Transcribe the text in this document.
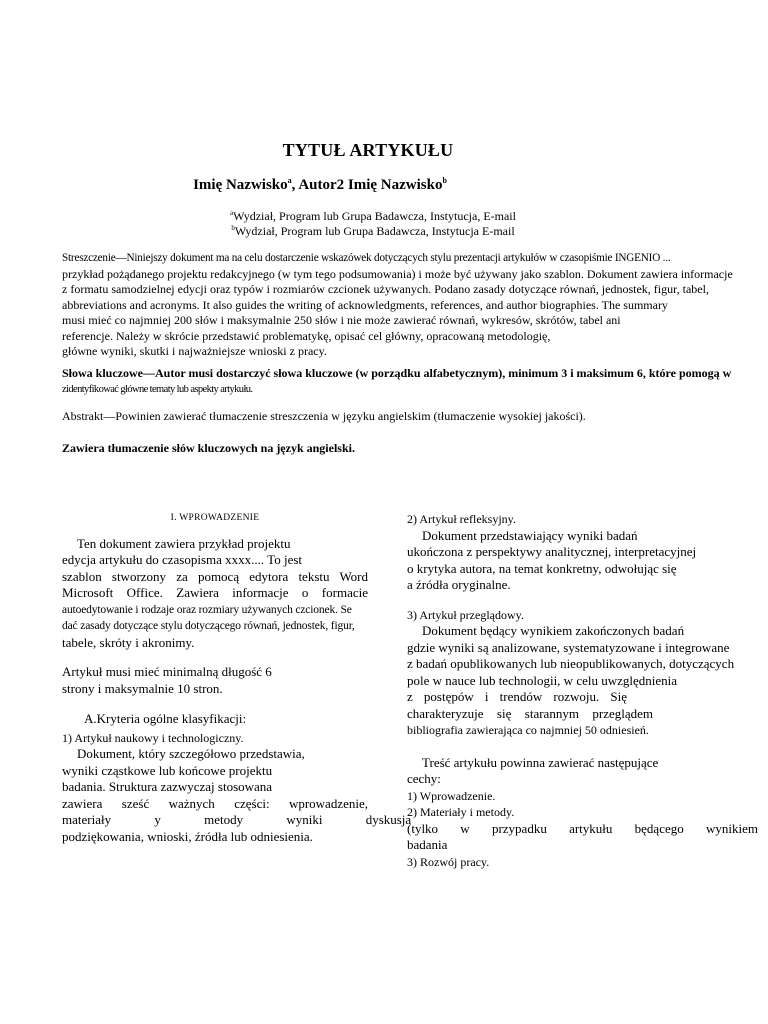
TYTUŁ ARTYKUŁU
Imię Nazwisko$^a$, Autor2 Imię Nazwisko$^b$
$^a$Wydział, Program lub Grupa Badawcza, Instytucja, E-mail
$^b$Wydział, Program lub Grupa Badawcza, Instytucja E-mail
Streszczenie—Niniejszy dokument ma na celu dostarczenie wskazówek dotyczących stylu prezentacji artykułów w czasopiśmie INGENIO ...
przykład pożądanego projektu redakcyjnego (w tym tego podsumowania) i może być używany jako szablon. Dokument zawiera informacje
z formatu samodzielnej edycji oraz typów i rozmiarów czcionek używanych. Podano zasady dotyczące równań, jednostek, figur, tabel,
abbreviations and acronyms. It also guides the writing of acknowledgments, references, and author biographies. The summary
musi mieć co najmniej 200 słów i maksymalnie 250 słów i nie może zawierać równań, wykresów, skrótów, tabel ani
referencje. Należy w skrócie przedstawić problematykę, opisać cel główny, opracowaną metodologię,
główne wyniki, skutki i najważniejsze wnioski z pracy.
Słowa kluczowe—Autor musi dostarczyć słowa kluczowe (w porządku alfabetycznym), minimum 3 i maksimum 6, które pomogą w
zidentyfikować główne tematy lub aspekty artykułu.
Abstrakt—Powinien zawierać tłumaczenie streszczenia w języku angielskim (tłumaczenie wysokiej jakości).
Zawiera tłumaczenie słów kluczowych na język angielski.
I. WPROWADZENIE
Ten dokument zawiera przykład projektu
edycja artykułu do czasopisma xxxx.... To jest
szablon stworzony za pomocą edytora tekstu Word
Microsoft Office. Zawiera informacje o formacie
autoedytowanie i rodzaje oraz rozmiary używanych czcionek. Se
dać zasady dotyczące stylu dotyczącego równań, jednostek, figur,
tabele, skróty i akronimy.
Artykuł musi mieć minimalną długość 6
strony i maksymalnie 10 stron.
A.Kryteria ogólne klasyfikacji:
1) Artykuł naukowy i technologiczny.
Dokument, który szczegółowo przedstawia,
wyniki cząstkowe lub końcowe projektu
badania. Struktura zazwyczaj stosowana
zawiera sześć ważnych części: wprowadzenie,
materiały y metody wyniki dyskusja
podziękowania, wnioski, źródła lub odniesienia.
2) Artykuł refleksyjny.
Dokument przedstawiający wyniki badań
ukończona z perspektywy analitycznej, interpretacyjnej
o krytyka autora, na temat konkretny, odwołując się
a źródła oryginalne.
3) Artykuł przeglądowy.
Dokument będący wynikiem zakończonych badań
gdzie wyniki są analizowane, systematyzowane i integrowane
z badań opublikowanych lub nieopublikowanych, dotyczących
pole w nauce lub technologii, w celu uwzględnienia
z postępów i trendów rozwoju. Się
charakteryzuje się starannym przeglądem
bibliografia zawierająca co najmniej 50 odniesień.
Treść artykułu powinna zawierać następujące
cechy:
1) Wprowadzenie.
2) Materiały i metody.
(tylko w przypadku artykułu będącego wynikiem
badania
3) Rozwój pracy.
